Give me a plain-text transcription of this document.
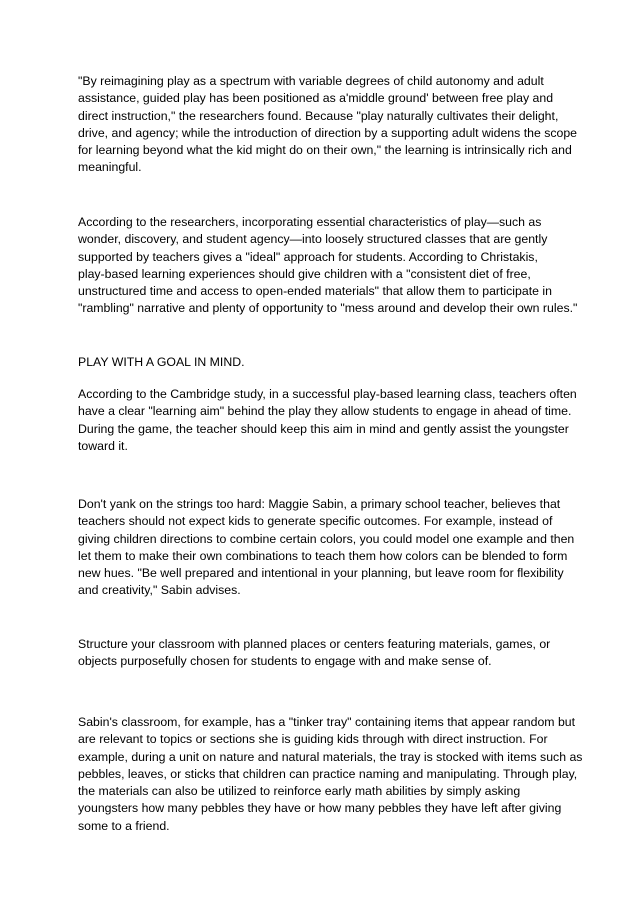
"By reimagining play as a spectrum with variable degrees of child autonomy and adult
assistance, guided play has been positioned as a'middle ground' between free play and
direct instruction," the researchers found. Because "play naturally cultivates their delight,
drive, and agency; while the introduction of direction by a supporting adult widens the scope
for learning beyond what the kid might do on their own," the learning is intrinsically rich and
meaningful.
According to the researchers, incorporating essential characteristics of play—such as
wonder, discovery, and student agency—into loosely structured classes that are gently
supported by teachers gives a "ideal" approach for students. According to Christakis,
play-based learning experiences should give children with a "consistent diet of free,
unstructured time and access to open-ended materials" that allow them to participate in
"rambling" narrative and plenty of opportunity to "mess around and develop their own rules."
PLAY WITH A GOAL IN MIND.
According to the Cambridge study, in a successful play-based learning class, teachers often
have a clear "learning aim" behind the play they allow students to engage in ahead of time.
During the game, the teacher should keep this aim in mind and gently assist the youngster
toward it.
Don't yank on the strings too hard: Maggie Sabin, a primary school teacher, believes that
teachers should not expect kids to generate specific outcomes. For example, instead of
giving children directions to combine certain colors, you could model one example and then
let them to make their own combinations to teach them how colors can be blended to form
new hues. "Be well prepared and intentional in your planning, but leave room for flexibility
and creativity," Sabin advises.
Structure your classroom with planned places or centers featuring materials, games, or
objects purposefully chosen for students to engage with and make sense of.
Sabin's classroom, for example, has a "tinker tray" containing items that appear random but
are relevant to topics or sections she is guiding kids through with direct instruction. For
example, during a unit on nature and natural materials, the tray is stocked with items such as
pebbles, leaves, or sticks that children can practice naming and manipulating. Through play,
the materials can also be utilized to reinforce early math abilities by simply asking
youngsters how many pebbles they have or how many pebbles they have left after giving
some to a friend.
